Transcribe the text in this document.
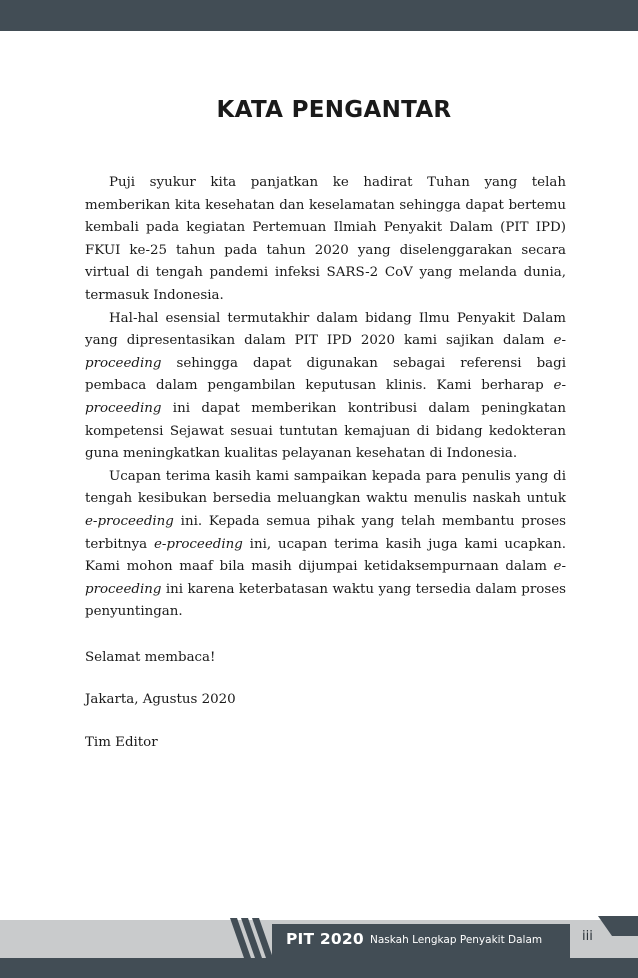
KATA PENGANTAR

Puji syukur kita panjatkan ke hadirat Tuhan yang telah memberikan kita kesehatan dan keselamatan sehingga dapat bertemu kembali pada kegiatan Pertemuan Ilmiah Penyakit Dalam (PIT IPD) FKUI ke-25 tahun pada tahun 2020 yang diselenggarakan secara virtual di tengah pandemi infeksi SARS-2 CoV yang melanda dunia, termasuk Indonesia.

Hal-hal esensial termutakhir dalam bidang Ilmu Penyakit Dalam yang dipresentasikan dalam PIT IPD 2020 kami sajikan dalam e-proceeding sehingga dapat digunakan sebagai referensi bagi pembaca dalam pengambilan keputusan klinis. Kami berharap e-proceeding ini dapat memberikan kontribusi dalam peningkatan kompetensi Sejawat sesuai tuntutan kemajuan di bidang kedokteran guna meningkatkan kualitas pelayanan kesehatan di Indonesia.

Ucapan terima kasih kami sampaikan kepada para penulis yang di tengah kesibukan bersedia meluangkan waktu menulis naskah untuk e-proceeding ini. Kepada semua pihak yang telah membantu proses terbitnya e-proceeding ini, ucapan terima kasih juga kami ucapkan. Kami mohon maaf bila masih dijumpai ketidaksempurnaan dalam e-proceeding ini karena keterbatasan waktu yang tersedia dalam proses penyuntingan.

Selamat membaca!

Jakarta, Agustus 2020

Tim Editor

PIT 2020 Naskah Lengkap Penyakit Dalam	iii
